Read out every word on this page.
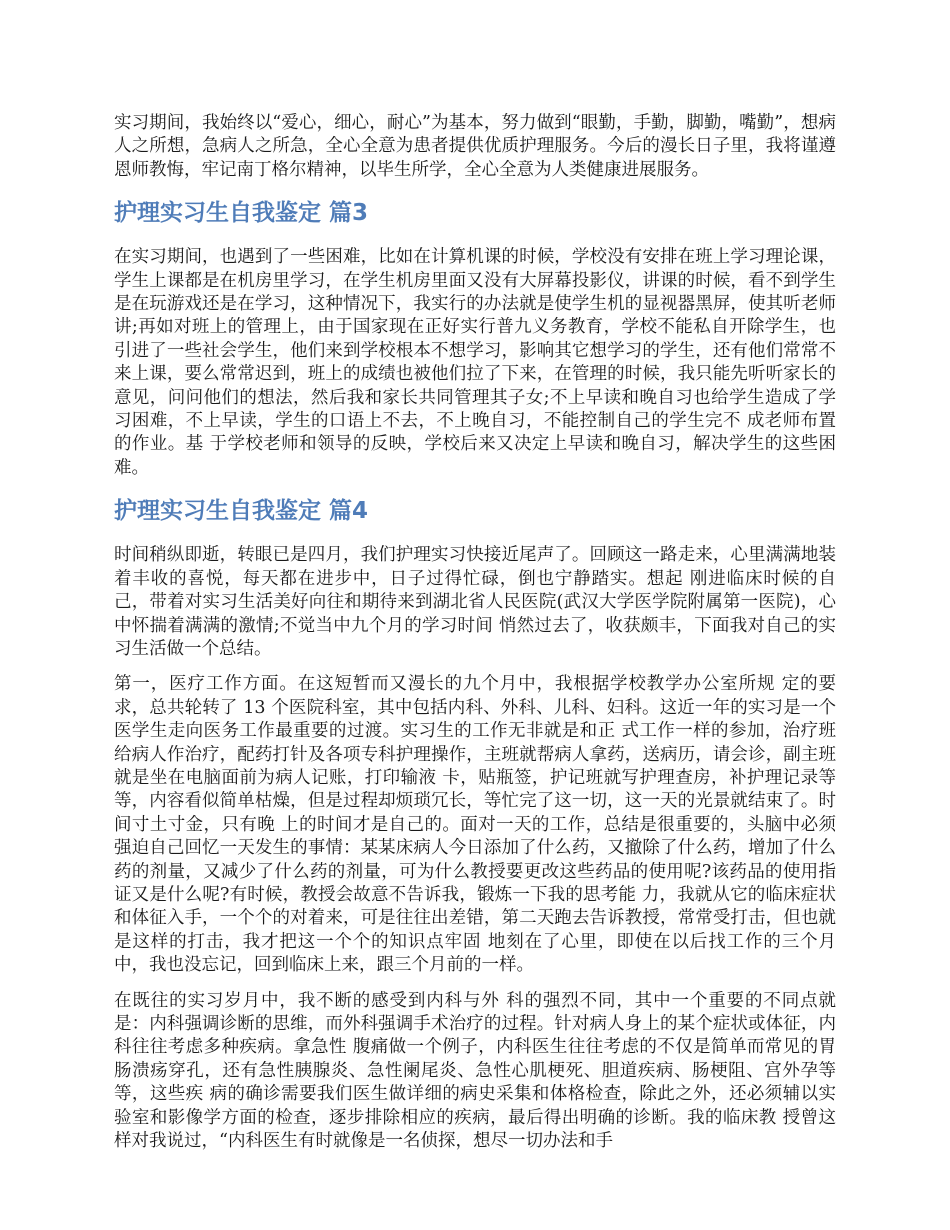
实习期间，我始终以“爱心，细心，耐心”为基本，努力做到“眼勤，手勤，脚勤，嘴勤”，想病人之所想，急病人之所急，全心全意为患者提供优质护理服务。今后的漫长日子里，我将谨遵恩师教悔，牢记南丁格尔精神，以毕生所学，全心全意为人类健康进展服务。

护理实习生自我鉴定 篇3

在实习期间，也遇到了一些困难，比如在计算机课的时候，学校没有安排在班上学习理论课，学生上课都是在机房里学习，在学生机房里面又没有大屏幕投影仪，讲课的时候，看不到学生是在玩游戏还是在学习，这种情况下，我实行的办法就是使学生机的显视器黑屏，使其听老师讲;再如对班上的管理上，由于国家现在正好实行普九义务教育，学校不能私自开除学生，也引进了一些社会学生，他们来到学校根本不想学习，影响其它想学习的学生，还有他们常常不来上课，要么常常迟到，班上的成绩也被他们拉了下来，在管理的时候，我只能先听听家长的意见，问问他们的想法，然后我和家长共同管理其子女;不上早读和晚自习也给学生造成了学习困难，不上早读，学生的口语上不去，不上晚自习，不能控制自己的学生完不 成老师布置的作业。基 于学校老师和领导的反映，学校后来又决定上早读和晚自习，解决学生的这些困难。

护理实习生自我鉴定 篇4

时间稍纵即逝，转眼已是四月，我们护理实习快接近尾声了。回顾这一路走来，心里满满地装着丰收的喜悦，每天都在进步中，日子过得忙碌，倒也宁静踏实。想起 刚进临床时候的自己，带着对实习生活美好向往和期待来到湖北省人民医院(武汉大学医学院附属第一医院)，心中怀揣着满满的激情;不觉当中九个月的学习时间 悄然过去了，收获颇丰，下面我对自己的实习生活做一个总结。

第一，医疗工作方面。在这短暂而又漫长的九个月中，我根据学校教学办公室所规 定的要求，总共轮转了 13 个医院科室，其中包括内科、外科、儿科、妇科。这近一年的实习是一个医学生走向医务工作最重要的过渡。实习生的工作无非就是和正 式工作一样的参加，治疗班给病人作治疗，配药打针及各项专科护理操作，主班就帮病人拿药，送病历，请会诊，副主班就是坐在电脑面前为病人记账，打印输液 卡，贴瓶签，护记班就写护理查房，补护理记录等等，内容看似简单枯燥，但是过程却烦琐冗长，等忙完了这一切，这一天的光景就结束了。时间寸土寸金，只有晚 上的时间才是自己的。面对一天的工作，总结是很重要的，头脑中必须强迫自己回忆一天发生的事情：某某床病人今日添加了什么药，又撤除了什么药，增加了什么 药的剂量，又减少了什么药的剂量，可为什么教授要更改这些药品的使用呢?该药品的使用指证又是什么呢?有时候，教授会故意不告诉我，锻炼一下我的思考能 力，我就从它的临床症状和体征入手，一个个的对着来，可是往往出差错，第二天跑去告诉教授，常常受打击，但也就是这样的打击，我才把这一个个的知识点牢固 地刻在了心里，即使在以后找工作的三个月中，我也没忘记，回到临床上来，跟三个月前的一样。

在既往的实习岁月中，我不断的感受到内科与外 科的强烈不同，其中一个重要的不同点就是：内科强调诊断的思维，而外科强调手术治疗的过程。针对病人身上的某个症状或体征，内科往往考虑多种疾病。拿急性 腹痛做一个例子，内科医生往往考虑的不仅是简单而常见的胃肠溃疡穿孔，还有急性胰腺炎、急性阑尾炎、急性心肌梗死、胆道疾病、肠梗阻、宫外孕等等，这些疾 病的确诊需要我们医生做详细的病史采集和体格检查，除此之外，还必须辅以实验室和影像学方面的检查，逐步排除相应的疾病，最后得出明确的诊断。我的临床教 授曾这样对我说过，“内科医生有时就像是一名侦探，想尽一切办法和手
